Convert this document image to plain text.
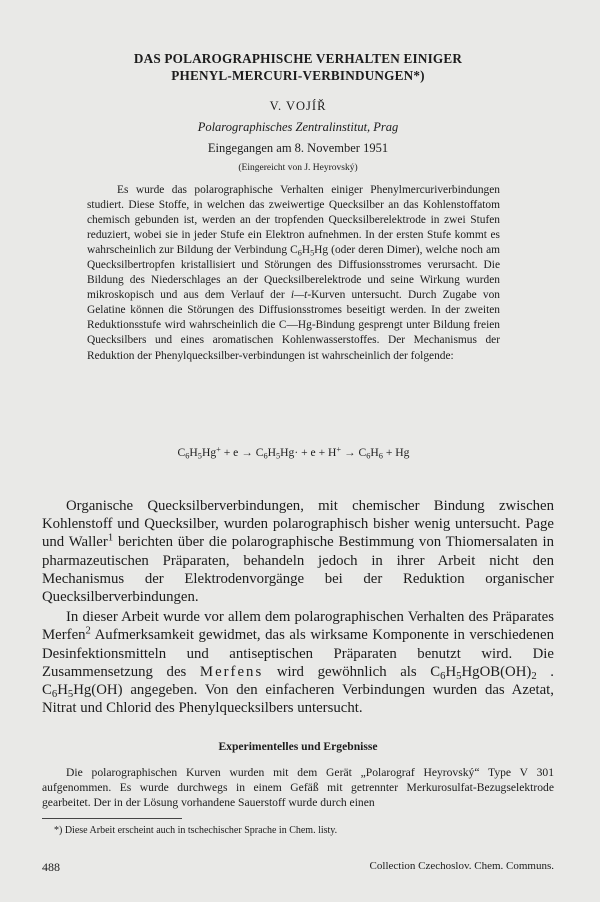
DAS POLAROGRAPHISCHE VERHALTEN EINIGER
PHENYL-MERCURI-VERBINDUNGEN*)
V. VOJÍŘ
Polarographisches Zentralinstitut, Prag
Eingegangen am 8. November 1951
(Eingereicht von J. Heyrovský)
Es wurde das polarographische Verhalten einiger Phenylmercuriverbindungen studiert. Diese Stoffe, in welchen das zweiwertige Quecksilber an das Kohlenstoffatom chemisch gebunden ist, werden an der tropfenden Quecksilberelektrode in zwei Stufen reduziert, wobei sie in jeder Stufe ein Elektron aufnehmen. In der ersten Stufe kommt es wahrscheinlich zur Bildung der Verbindung $C_6H_5Hg$ (oder deren Dimer), welche noch am Quecksilbertropfen kristallisiert und Störungen des Diffusionsstromes verursacht. Die Bildung des Niederschlages an der Quecksilberelektrode und seine Wirkung wurden mikroskopisch und aus dem Verlauf der i—t-Kurven untersucht. Durch Zugabe von Gelatine können die Störungen des Diffusionsstromes beseitigt werden. In der zweiten Reduktionsstufe wird wahrscheinlich die C—Hg-Bindung gesprengt unter Bildung freien Quecksilbers und eines aromatischen Kohlenwasserstoffes. Der Mechanismus der Reduktion der Phenylquecksilber-verbindungen ist wahrscheinlich der folgende:
$C_6H_5Hg^+ + e \to C_6H_5Hg\cdot + e + H^+ \to C_6H_6 + Hg$

Organische Quecksilberverbindungen, mit chemischer Bindung zwischen Kohlenstoff und Quecksilber, wurden polarographisch bisher wenig untersucht. Page und Waller$^1$ berichten über die polarographische Bestimmung von Thiomersalaten in pharmazeutischen Präparaten, behandeln jedoch in ihrer Arbeit nicht den Mechanismus der Elektrodenvorgänge bei der Reduktion organischer Quecksilberverbindungen.

In dieser Arbeit wurde vor allem dem polarographischen Verhalten des Präparates Merfen$^2$ Aufmerksamkeit gewidmet, das als wirksame Komponente in verschiedenen Desinfektionsmitteln und antiseptischen Präparaten benutzt wird. Die Zusammensetzung des Merfens wird gewöhnlich als $C_6H_5HgOB(OH)_2$ . $C_6H_5Hg(OH)$ angegeben. Von den einfacheren Verbindungen wurden das Azetat, Nitrat und Chlorid des Phenylquecksilbers untersucht.

Experimentelles und Ergebnisse
Die polarographischen Kurven wurden mit dem Gerät „Polarograf Heyrovský“ Type V 301 aufgenommen. Es wurde durchwegs in einem Gefäß mit getrennter Merkurosulfat-Bezugselektrode gearbeitet. Der in der Lösung vorhandene Sauerstoff wurde durch einen
*) Diese Arbeit erscheint auch in tschechischer Sprache in Chem. listy.
488	Collection Czechoslov. Chem. Communs.
